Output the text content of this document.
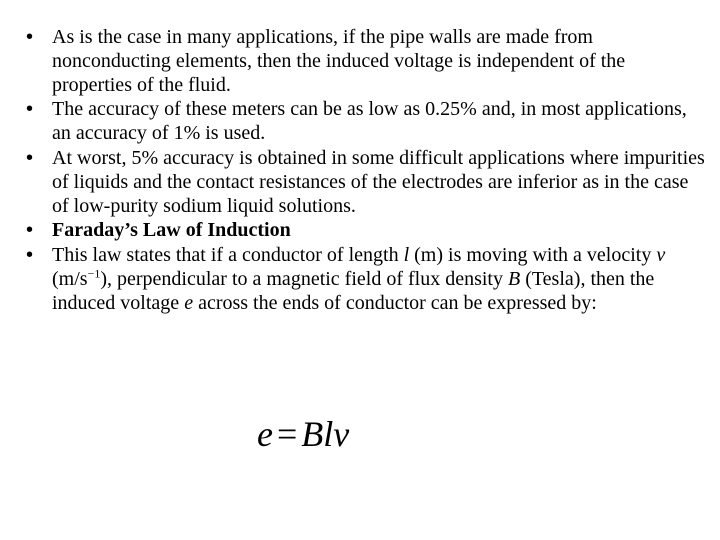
• As is the case in many applications, if the pipe walls are made from nonconducting elements, then the induced voltage is independent of the properties of the fluid.
• The accuracy of these meters can be as low as 0.25% and, in most applications, an accuracy of 1% is used.
• At worst, 5% accuracy is obtained in some difficult applications where impurities of liquids and the contact resistances of the electrodes are inferior as in the case of low-purity sodium liquid solutions.
• Faraday’s Law of Induction
• This law states that if a conductor of length l (m) is moving with a velocity v $(m/s^{-1})$, perpendicular to a magnetic field of flux density B (Tesla), then the induced voltage e across the ends of conductor can be expressed by:
e = Blv
